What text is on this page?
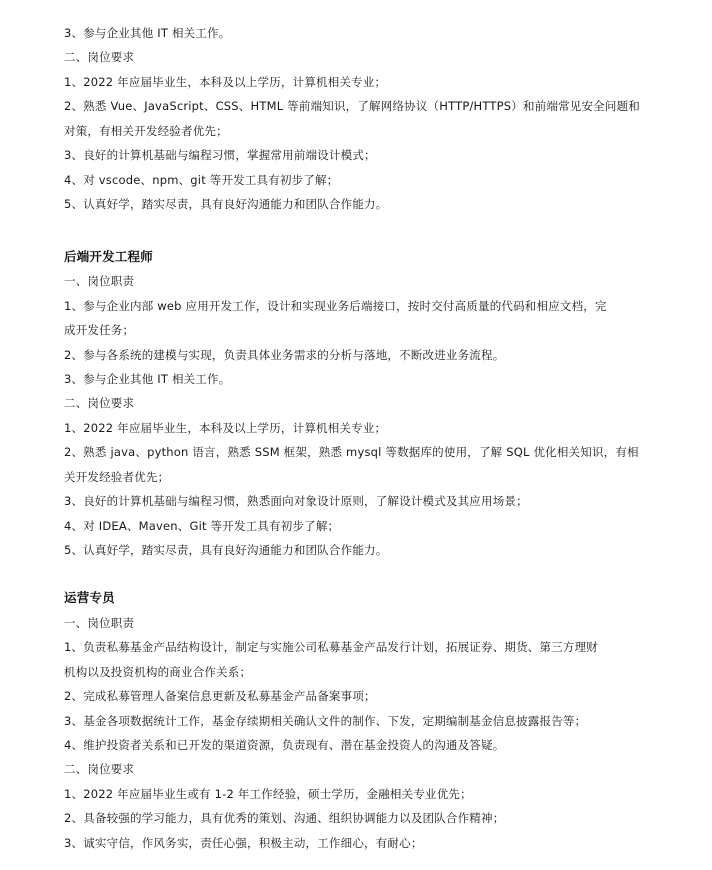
3、参与企业其他 IT 相关工作。

二、岗位要求

1、2022 年应届毕业生，本科及以上学历，计算机相关专业；

2、熟悉 Vue、JavaScript、CSS、HTML 等前端知识，了解网络协议（HTTP/HTTPS）和前端常见安全问题和

对策，有相关开发经验者优先；

3、良好的计算机基础与编程习惯，掌握常用前端设计模式；

4、对 vscode、npm、git 等开发工具有初步了解；

5、认真好学，踏实尽责，具有良好沟通能力和团队合作能力。

后端开发工程师

一、岗位职责

1、参与企业内部 web 应用开发工作，设计和实现业务后端接口，按时交付高质量的代码和相应文档，完

成开发任务；

2、参与各系统的建模与实现，负责具体业务需求的分析与落地，不断改进业务流程。

3、参与企业其他 IT 相关工作。

二、岗位要求

1、2022 年应届毕业生，本科及以上学历，计算机相关专业；

2、熟悉 java、python 语言，熟悉 SSM 框架，熟悉 mysql 等数据库的使用，了解 SQL 优化相关知识，有相

关开发经验者优先；

3、良好的计算机基础与编程习惯，熟悉面向对象设计原则，了解设计模式及其应用场景；

4、对 IDEA、Maven、Git 等开发工具有初步了解；

5、认真好学，踏实尽责，具有良好沟通能力和团队合作能力。

运营专员

一、岗位职责

1、负责私募基金产品结构设计，制定与实施公司私募基金产品发行计划，拓展证券、期货、第三方理财

机构以及投资机构的商业合作关系；

2、完成私募管理人备案信息更新及私募基金产品备案事项；

3、基金各项数据统计工作，基金存续期相关确认文件的制作、下发，定期编制基金信息披露报告等；

4、维护投资者关系和已开发的渠道资源，负责现有、潜在基金投资人的沟通及答疑。

二、岗位要求

1、2022 年应届毕业生或有 1-2 年工作经验，硕士学历，金融相关专业优先；

2、具备较强的学习能力，具有优秀的策划、沟通、组织协调能力以及团队合作精神；

3、诚实守信，作风务实，责任心强，积极主动，工作细心，有耐心；
